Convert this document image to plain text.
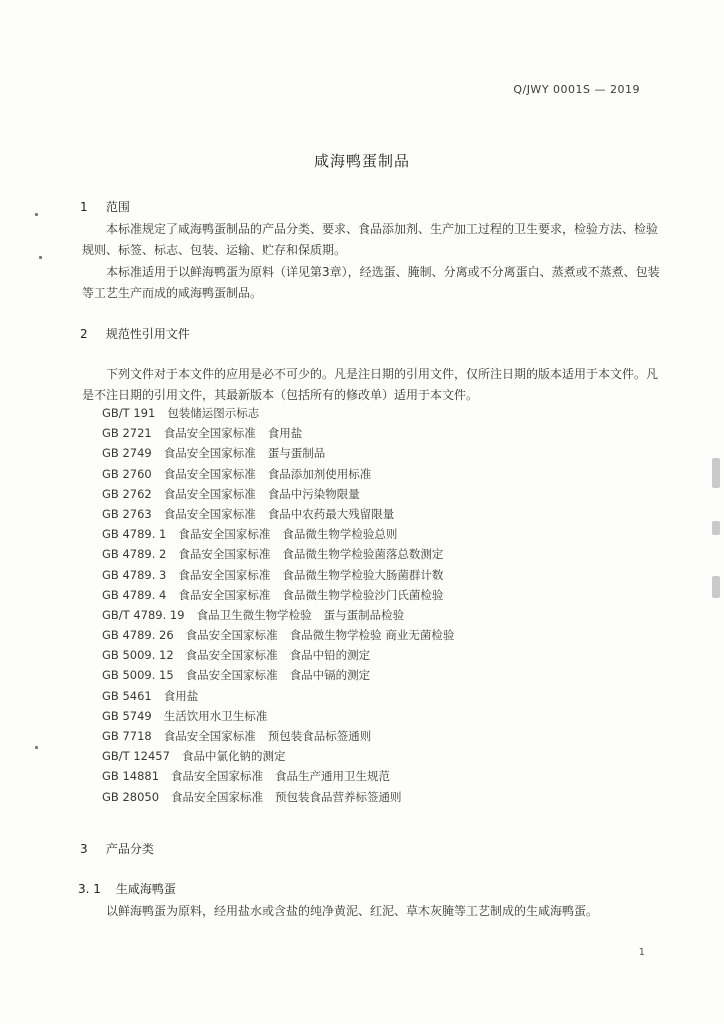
Q/JWY 0001S — 2019
咸海鸭蛋制品
1 范围

本标准规定了咸海鸭蛋制品的产品分类、要求、食品添加剂、生产加工过程的卫生要求，检验方法、检验规则、标签、标志、包装、运输、贮存和保质期。

本标准适用于以鲜海鸭蛋为原料（详见第3章），经选蛋、腌制、分离或不分离蛋白、蒸煮或不蒸煮、包装等工艺生产而成的咸海鸭蛋制品。

2 规范性引用文件

下列文件对于本文件的应用是必不可少的。凡是注日期的引用文件，仅所注日期的版本适用于本文件。凡是不注日期的引用文件，其最新版本（包括所有的修改单）适用于本文件。

GB/T 191 包装储运图示标志
GB 2721 食品安全国家标准 食用盐
GB 2749 食品安全国家标准 蛋与蛋制品
GB 2760 食品安全国家标准 食品添加剂使用标准
GB 2762 食品安全国家标准 食品中污染物限量
GB 2763 食品安全国家标准 食品中农药最大残留限量
GB 4789. 1 食品安全国家标准 食品微生物学检验总则
GB 4789. 2 食品安全国家标准 食品微生物学检验菌落总数测定
GB 4789. 3 食品安全国家标准 食品微生物学检验大肠菌群计数
GB 4789. 4 食品安全国家标准 食品微生物学检验沙门氏菌检验
GB/T 4789. 19 食品卫生微生物学检验 蛋与蛋制品检验
GB 4789. 26 食品安全国家标准 食品微生物学检验 商业无菌检验
GB 5009. 12 食品安全国家标准 食品中铅的测定
GB 5009. 15 食品安全国家标准 食品中镉的测定
GB 5461 食用盐
GB 5749 生活饮用水卫生标准
GB 7718 食品安全国家标准 预包装食品标签通则
GB/T 12457 食品中氯化钠的测定
GB 14881 食品安全国家标准 食品生产通用卫生规范
GB 28050 食品安全国家标准 预包装食品营养标签通则
3 产品分类
3. 1 生咸海鸭蛋

以鲜海鸭蛋为原料，经用盐水或含盐的纯净黄泥、红泥、草木灰腌等工艺制成的生咸海鸭蛋。

1
